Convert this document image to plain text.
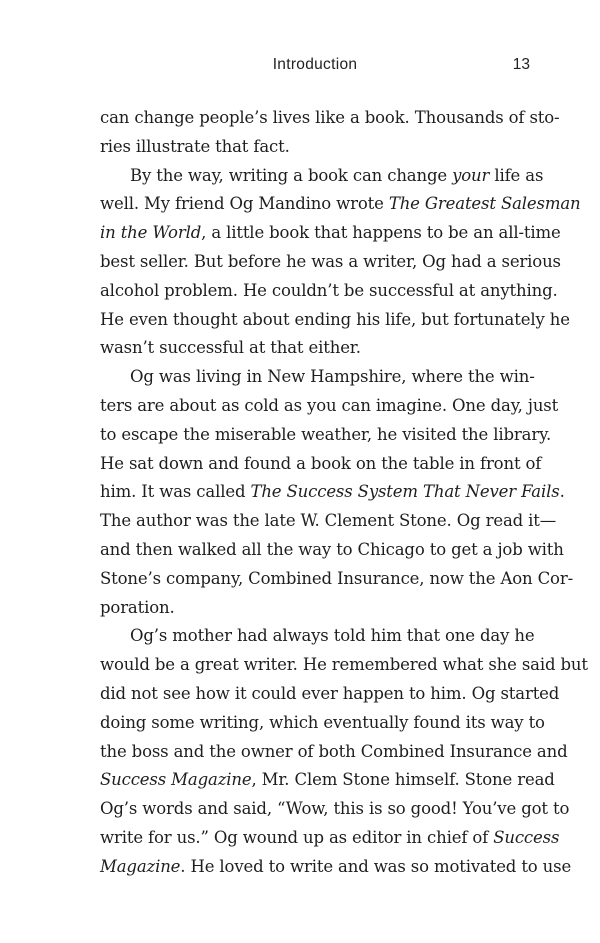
Introduction	13
can change people’s lives like a book. Thousands of sto-
ries illustrate that fact.
By the way, writing a book can change your life as
well. My friend Og Mandino wrote The Greatest Salesman
in the World, a little book that happens to be an all-time
best seller. But before he was a writer, Og had a serious
alcohol problem. He couldn’t be successful at anything.
He even thought about ending his life, but fortunately he
wasn’t successful at that either.
Og was living in New Hampshire, where the win-
ters are about as cold as you can imagine. One day, just
to escape the miserable weather, he visited the library.
He sat down and found a book on the table in front of
him. It was called The Success System That Never Fails.
The author was the late W. Clement Stone. Og read it—
and then walked all the way to Chicago to get a job with
Stone’s company, Combined Insurance, now the Aon Cor-
poration.
Og’s mother had always told him that one day he
would be a great writer. He remembered what she said but
did not see how it could ever happen to him. Og started
doing some writing, which eventually found its way to
the boss and the owner of both Combined Insurance and
Success Magazine, Mr. Clem Stone himself. Stone read
Og’s words and said, “Wow, this is so good! You’ve got to
write for us.” Og wound up as editor in chief of Success
Magazine. He loved to write and was so motivated to use
